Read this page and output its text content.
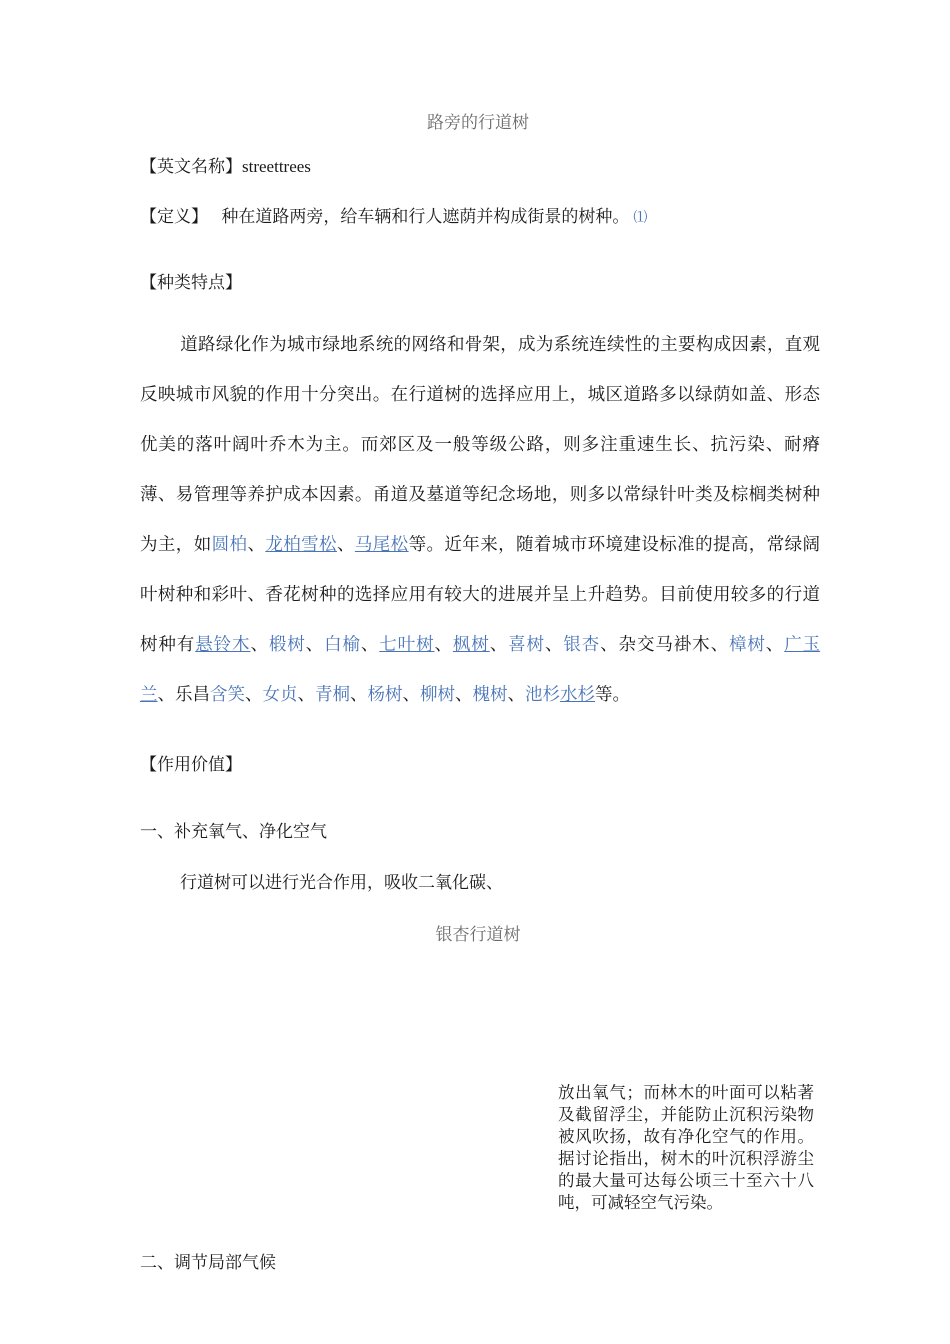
路旁的行道树
【英文名称】streettrees
【定义】 种在道路两旁，给车辆和行人遮荫并构成街景的树种。 ⑴
【种类特点】
道路绿化作为城市绿地系统的网络和骨架，成为系统连续性的主要构成因素，直观反映城市风貌的作用十分突出。在行道树的选择应用上，城区道路多以绿荫如盖、形态优美的落叶阔叶乔木为主。而郊区及一般等级公路，则多注重速生长、抗污染、耐瘠薄、易管理等养护成本因素。甬道及墓道等纪念场地，则多以常绿针叶类及棕榈类树种为主，如圆柏、龙柏雪松、马尾松等。近年来，随着城市环境建设标准的提高，常绿阔叶树种和彩叶、香花树种的选择应用有较大的进展并呈上升趋势。目前使用较多的行道树种有悬铃木、椴树、白榆、七叶树、枫树、喜树、银杏、杂交马褂木、樟树、广玉兰、乐昌含笑、女贞、青桐、杨树、柳树、槐树、池杉水杉等。
【作用价值】
一、补充氧气、净化空气
行道树可以进行光合作用，吸收二氧化碳、
银杏行道树
放出氧气；而林木的叶面可以粘著及截留浮尘，并能防止沉积污染物被风吹扬，故有净化空气的作用。据讨论指出，树木的叶沉积浮游尘的最大量可达每公顷三十至六十八吨，可减轻空气污染。
二、调节局部气候
